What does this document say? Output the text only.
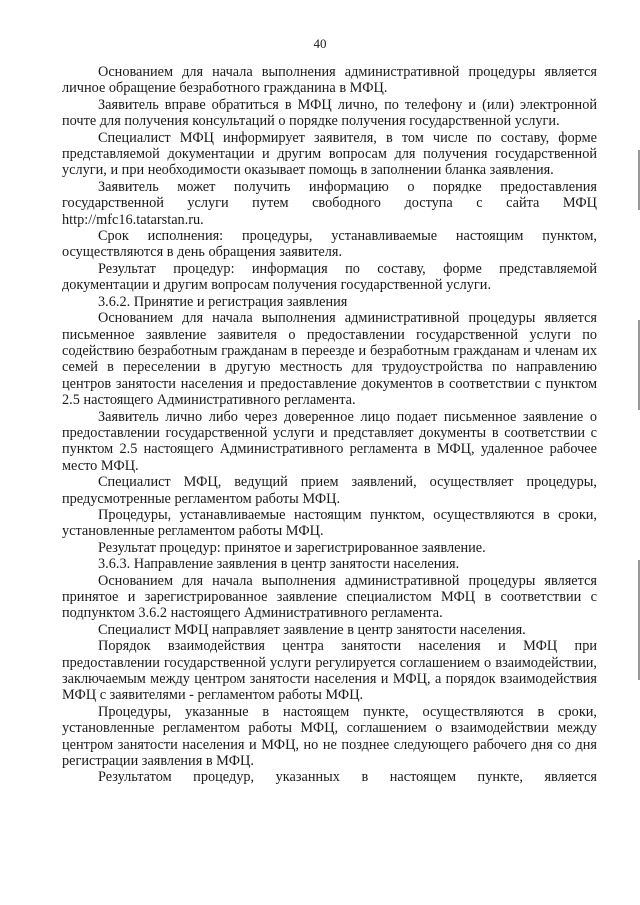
40

Основанием для начала выполнения административной процедуры является личное обращение безработного гражданина в МФЦ.

Заявитель вправе обратиться в МФЦ лично, по телефону и (или) электронной почте для получения консультаций о порядке получения государственной услуги.

Специалист МФЦ информирует заявителя, в том числе по составу, форме представляемой документации и другим вопросам для получения государственной услуги, и при необходимости оказывает помощь в заполнении бланка заявления.

Заявитель может получить информацию о порядке предоставления государственной услуги путем свободного доступа с сайта МФЦ http://mfc16.tatarstan.ru.

Срок исполнения: процедуры, устанавливаемые настоящим пунктом, осуществляются в день обращения заявителя.

Результат процедур: информация по составу, форме представляемой документации и другим вопросам получения государственной услуги.

3.6.2. Принятие и регистрация заявления

Основанием для начала выполнения административной процедуры является письменное заявление заявителя о предоставлении государственной услуги по содействию безработным гражданам в переезде и безработным гражданам и членам их семей в переселении в другую местность для трудоустройства по направлению центров занятости населения и предоставление документов в соответствии с пунктом 2.5 настоящего Административного регламента.

Заявитель лично либо через доверенное лицо подает письменное заявление о предоставлении государственной услуги и представляет документы в соответствии с пунктом 2.5 настоящего Административного регламента в МФЦ, удаленное рабочее место МФЦ.

Специалист МФЦ, ведущий прием заявлений, осуществляет процедуры, предусмотренные регламентом работы МФЦ.

Процедуры, устанавливаемые настоящим пунктом, осуществляются в сроки, установленные регламентом работы МФЦ.

Результат процедур: принятое и зарегистрированное заявление.

3.6.3. Направление заявления в центр занятости населения.

Основанием для начала выполнения административной процедуры является принятое и зарегистрированное заявление специалистом МФЦ в соответствии с подпунктом 3.6.2 настоящего Административного регламента.

Специалист МФЦ направляет заявление в центр занятости населения.

Порядок взаимодействия центра занятости населения и МФЦ при предоставлении государственной услуги регулируется соглашением о взаимодействии, заключаемым между центром занятости населения и МФЦ, а порядок взаимодействия МФЦ с заявителями - регламентом работы МФЦ.

Процедуры, указанные в настоящем пункте, осуществляются в сроки, установленные регламентом работы МФЦ, соглашением о взаимодействии между центром занятости населения и МФЦ, но не позднее следующего рабочего дня со дня регистрации заявления в МФЦ.

Результатом процедур, указанных в настоящем пункте, является
